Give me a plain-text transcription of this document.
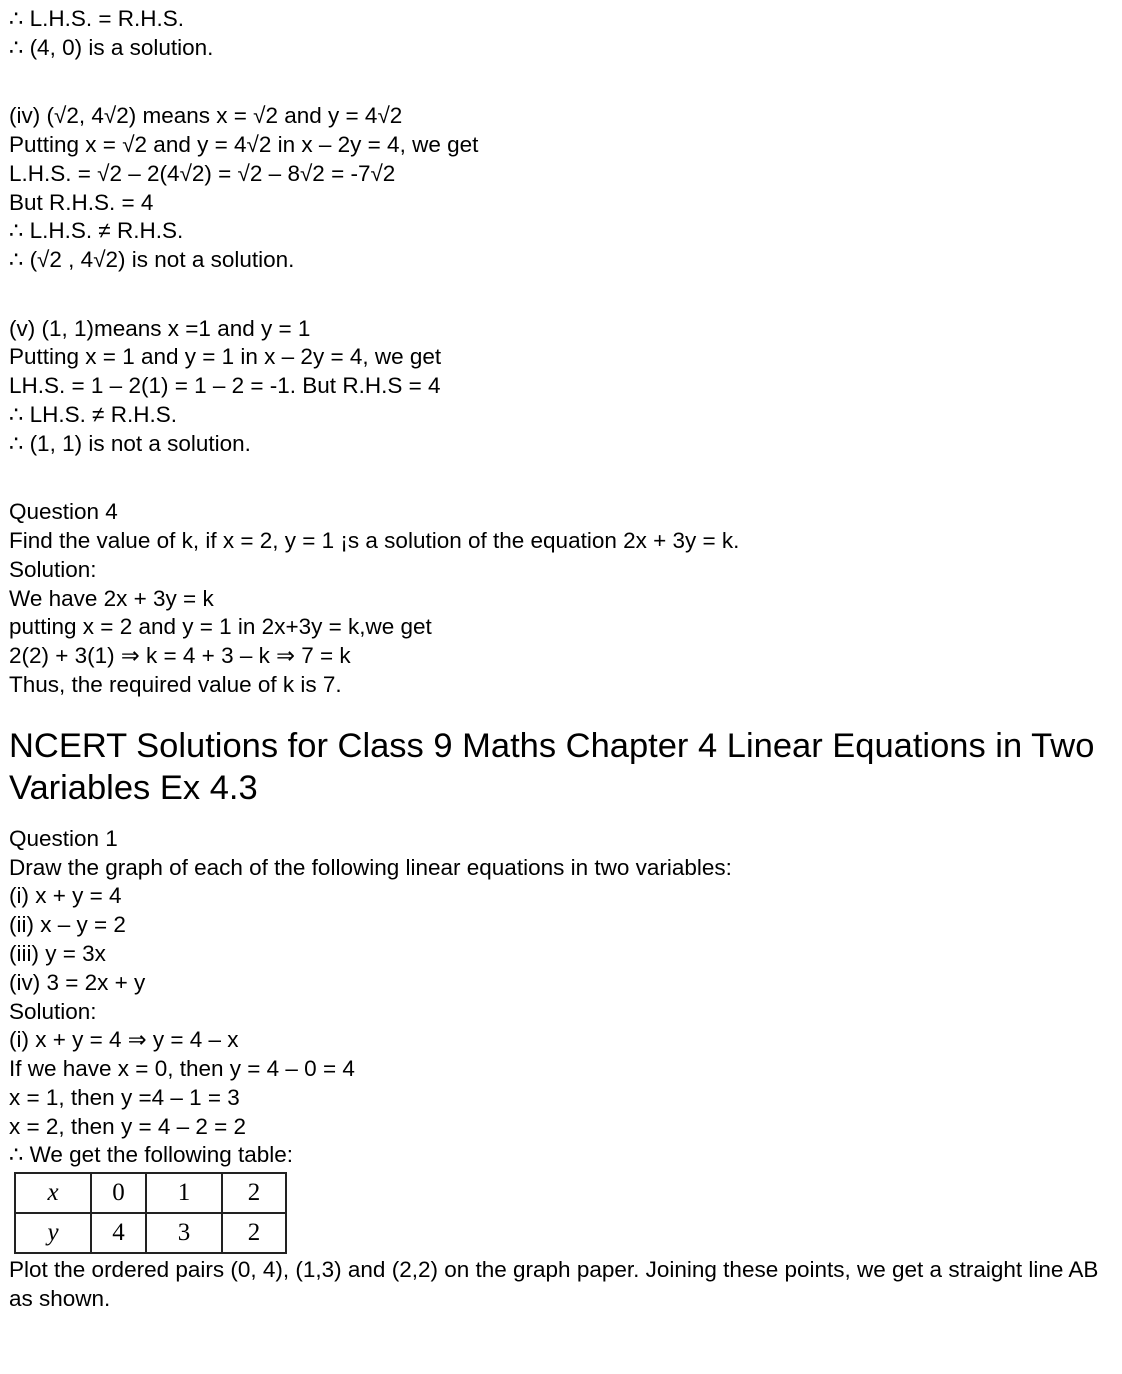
∴ L.H.S. = R.H.S.
∴ (4, 0) is a solution.
(iv) (√2, 4√2) means x = √2 and y = 4√2
Putting x = √2 and y = 4√2 in x – 2y = 4, we get
L.H.S. = √2 – 2(4√2) = √2 – 8√2 = -7√2
But R.H.S. = 4
∴ L.H.S. ≠ R.H.S.
∴ (√2 , 4√2) is not a solution.
(v) (1, 1)means x =1 and y = 1
Putting x = 1 and y = 1 in x – 2y = 4, we get
LH.S. = 1 – 2(1) = 1 – 2 = -1. But R.H.S = 4
∴ LH.S. ≠ R.H.S.
∴ (1, 1) is not a solution.
Question 4
Find the value of k, if x = 2, y = 1 ¡s a solution of the equation 2x + 3y = k.
Solution:
We have 2x + 3y = k
putting x = 2 and y = 1 in 2x+3y = k,we get
2(2) + 3(1) ⇒ k = 4 + 3 – k ⇒ 7 = k
Thus, the required value of k is 7.
NCERT Solutions for Class 9 Maths Chapter 4 Linear Equations in Two Variables Ex 4.3
Question 1
Draw the graph of each of the following linear equations in two variables:
(i) x + y = 4
(ii) x – y = 2
(iii) y = 3x
(iv) 3 = 2x + y
Solution:
(i) x + y = 4 ⇒ y = 4 – x
If we have x = 0, then y = 4 – 0 = 4
x = 1, then y =4 – 1 = 3
x = 2, then y = 4 – 2 = 2
∴ We get the following table:
x	0	1	2
y	4	3	2
Plot the ordered pairs (0, 4), (1,3) and (2,2) on the graph paper. Joining these points, we get a straight line AB as shown.
